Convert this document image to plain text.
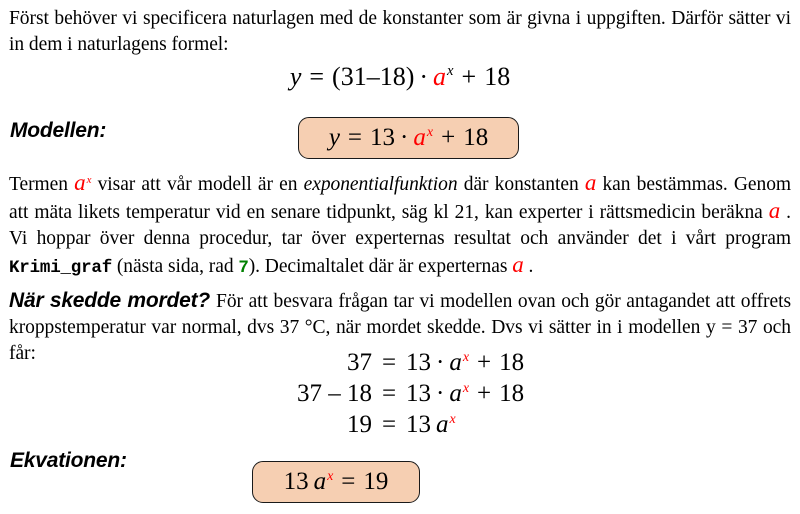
Först behöver vi specificera naturlagen med de konstanter som är givna i uppgiften. Därför sätter vi in dem i naturlagens formel:
$y = (31-18) \cdot a^x + 18$
Modellen:	$y = 13 \cdot a^x + 18$
Termen $a^x$ visar att vår modell är en exponentialfunktion där konstanten a kan bestämmas. Genom att mäta likets temperatur vid en senare tidpunkt, säg kl 21, kan experter i rättsmedicin beräkna a . Vi hoppar över denna procedur, tar över experternas resultat och använder det i vårt program Krimi_graf (nästa sida, rad 7). Decimaltalet där är experternas a .
När skedde mordet? För att besvara frågan tar vi modellen ovan och gör antagandet att offrets kroppstemperatur var normal, dvs 37 °C, när mordet skedde. Dvs vi sätter in i modellen y = 37 och får:	$37 = 13 \cdot a^x + 18$
$37 - 18 = 13 \cdot a^x + 18$
19 = 13 $a^x$
Ekvationen:
13 $a^x = 19$
